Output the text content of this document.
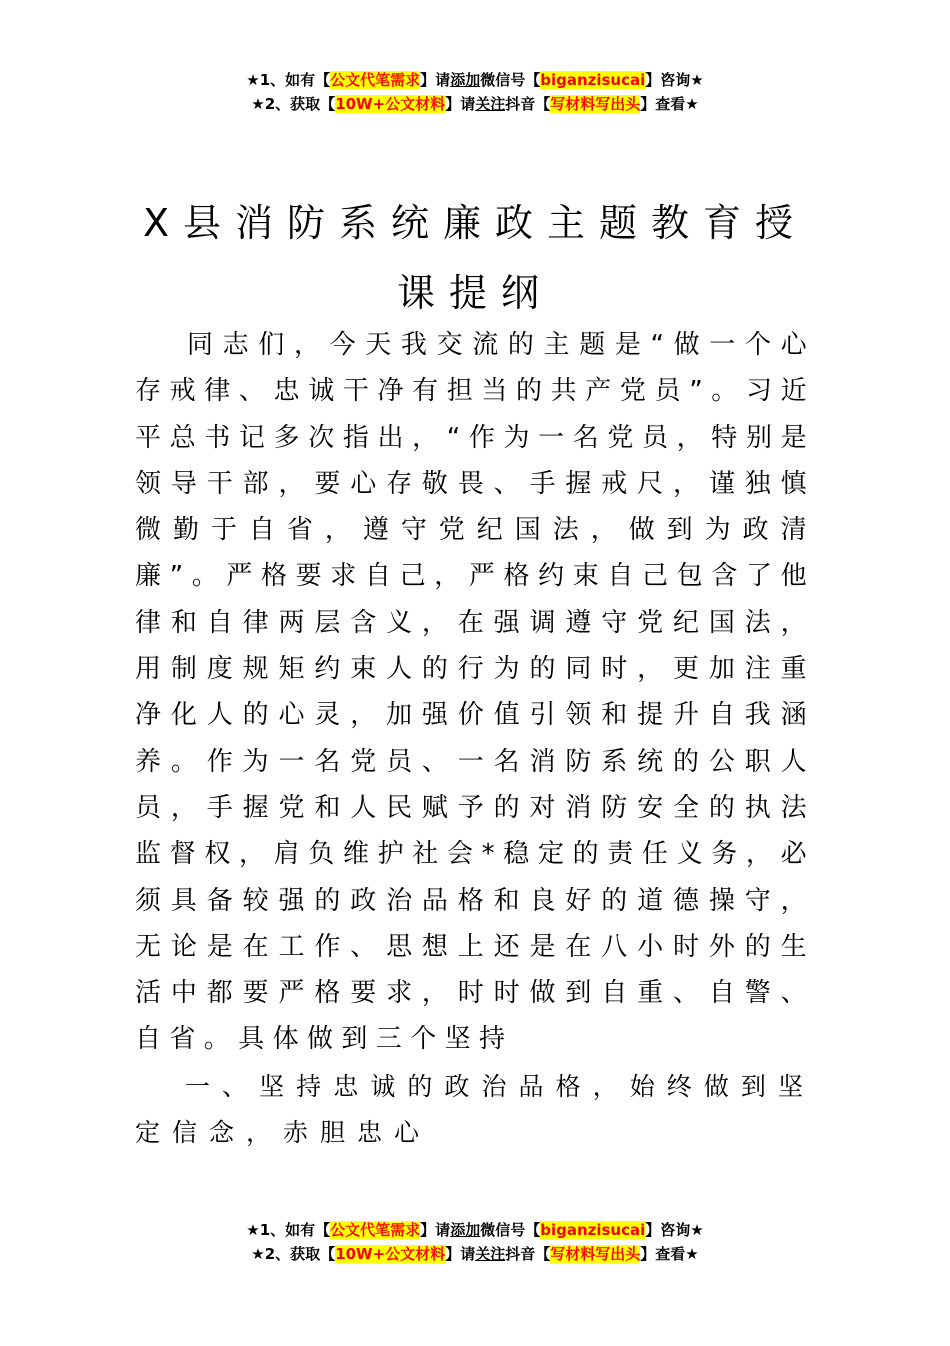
★1、如有【公文代笔需求】请添加微信号【biganzisucai】咨询★
★2、获取【10W+公文材料】请关注抖音【写材料写出头】查看★
X县消防系统廉政主题教育授
课提纲

同志们，今天我交流的主题是“做一个心存戒律、忠诚干净有担当的共产党员”。习近平总书记多次指出，“作为一名党员，特别是领导干部，要心存敬畏、手握戒尺，谨独慎微勤于自省，遵守党纪国法，做到为政清廉”。严格要求自己，严格约束自己包含了他律和自律两层含义，在强调遵守党纪国法，用制度规矩约束人的行为的同时，更加注重净化人的心灵，加强价值引领和提升自我涵养。作为一名党员、一名消防系统的公职人员，手握党和人民赋予的对消防安全的执法监督权，肩负维护社会*稳定的责任义务，必须具备较强的政治品格和良好的道德操守，无论是在工作、思想上还是在八小时外的生活中都要严格要求，时时做到自重、自警、自省。具体做到三个坚持

一、坚持忠诚的政治品格，始终做到坚定信念，赤胆忠心

★1、如有【公文代笔需求】请添加微信号【biganzisucai】咨询★
★2、获取【10W+公文材料】请关注抖音【写材料写出头】查看★
